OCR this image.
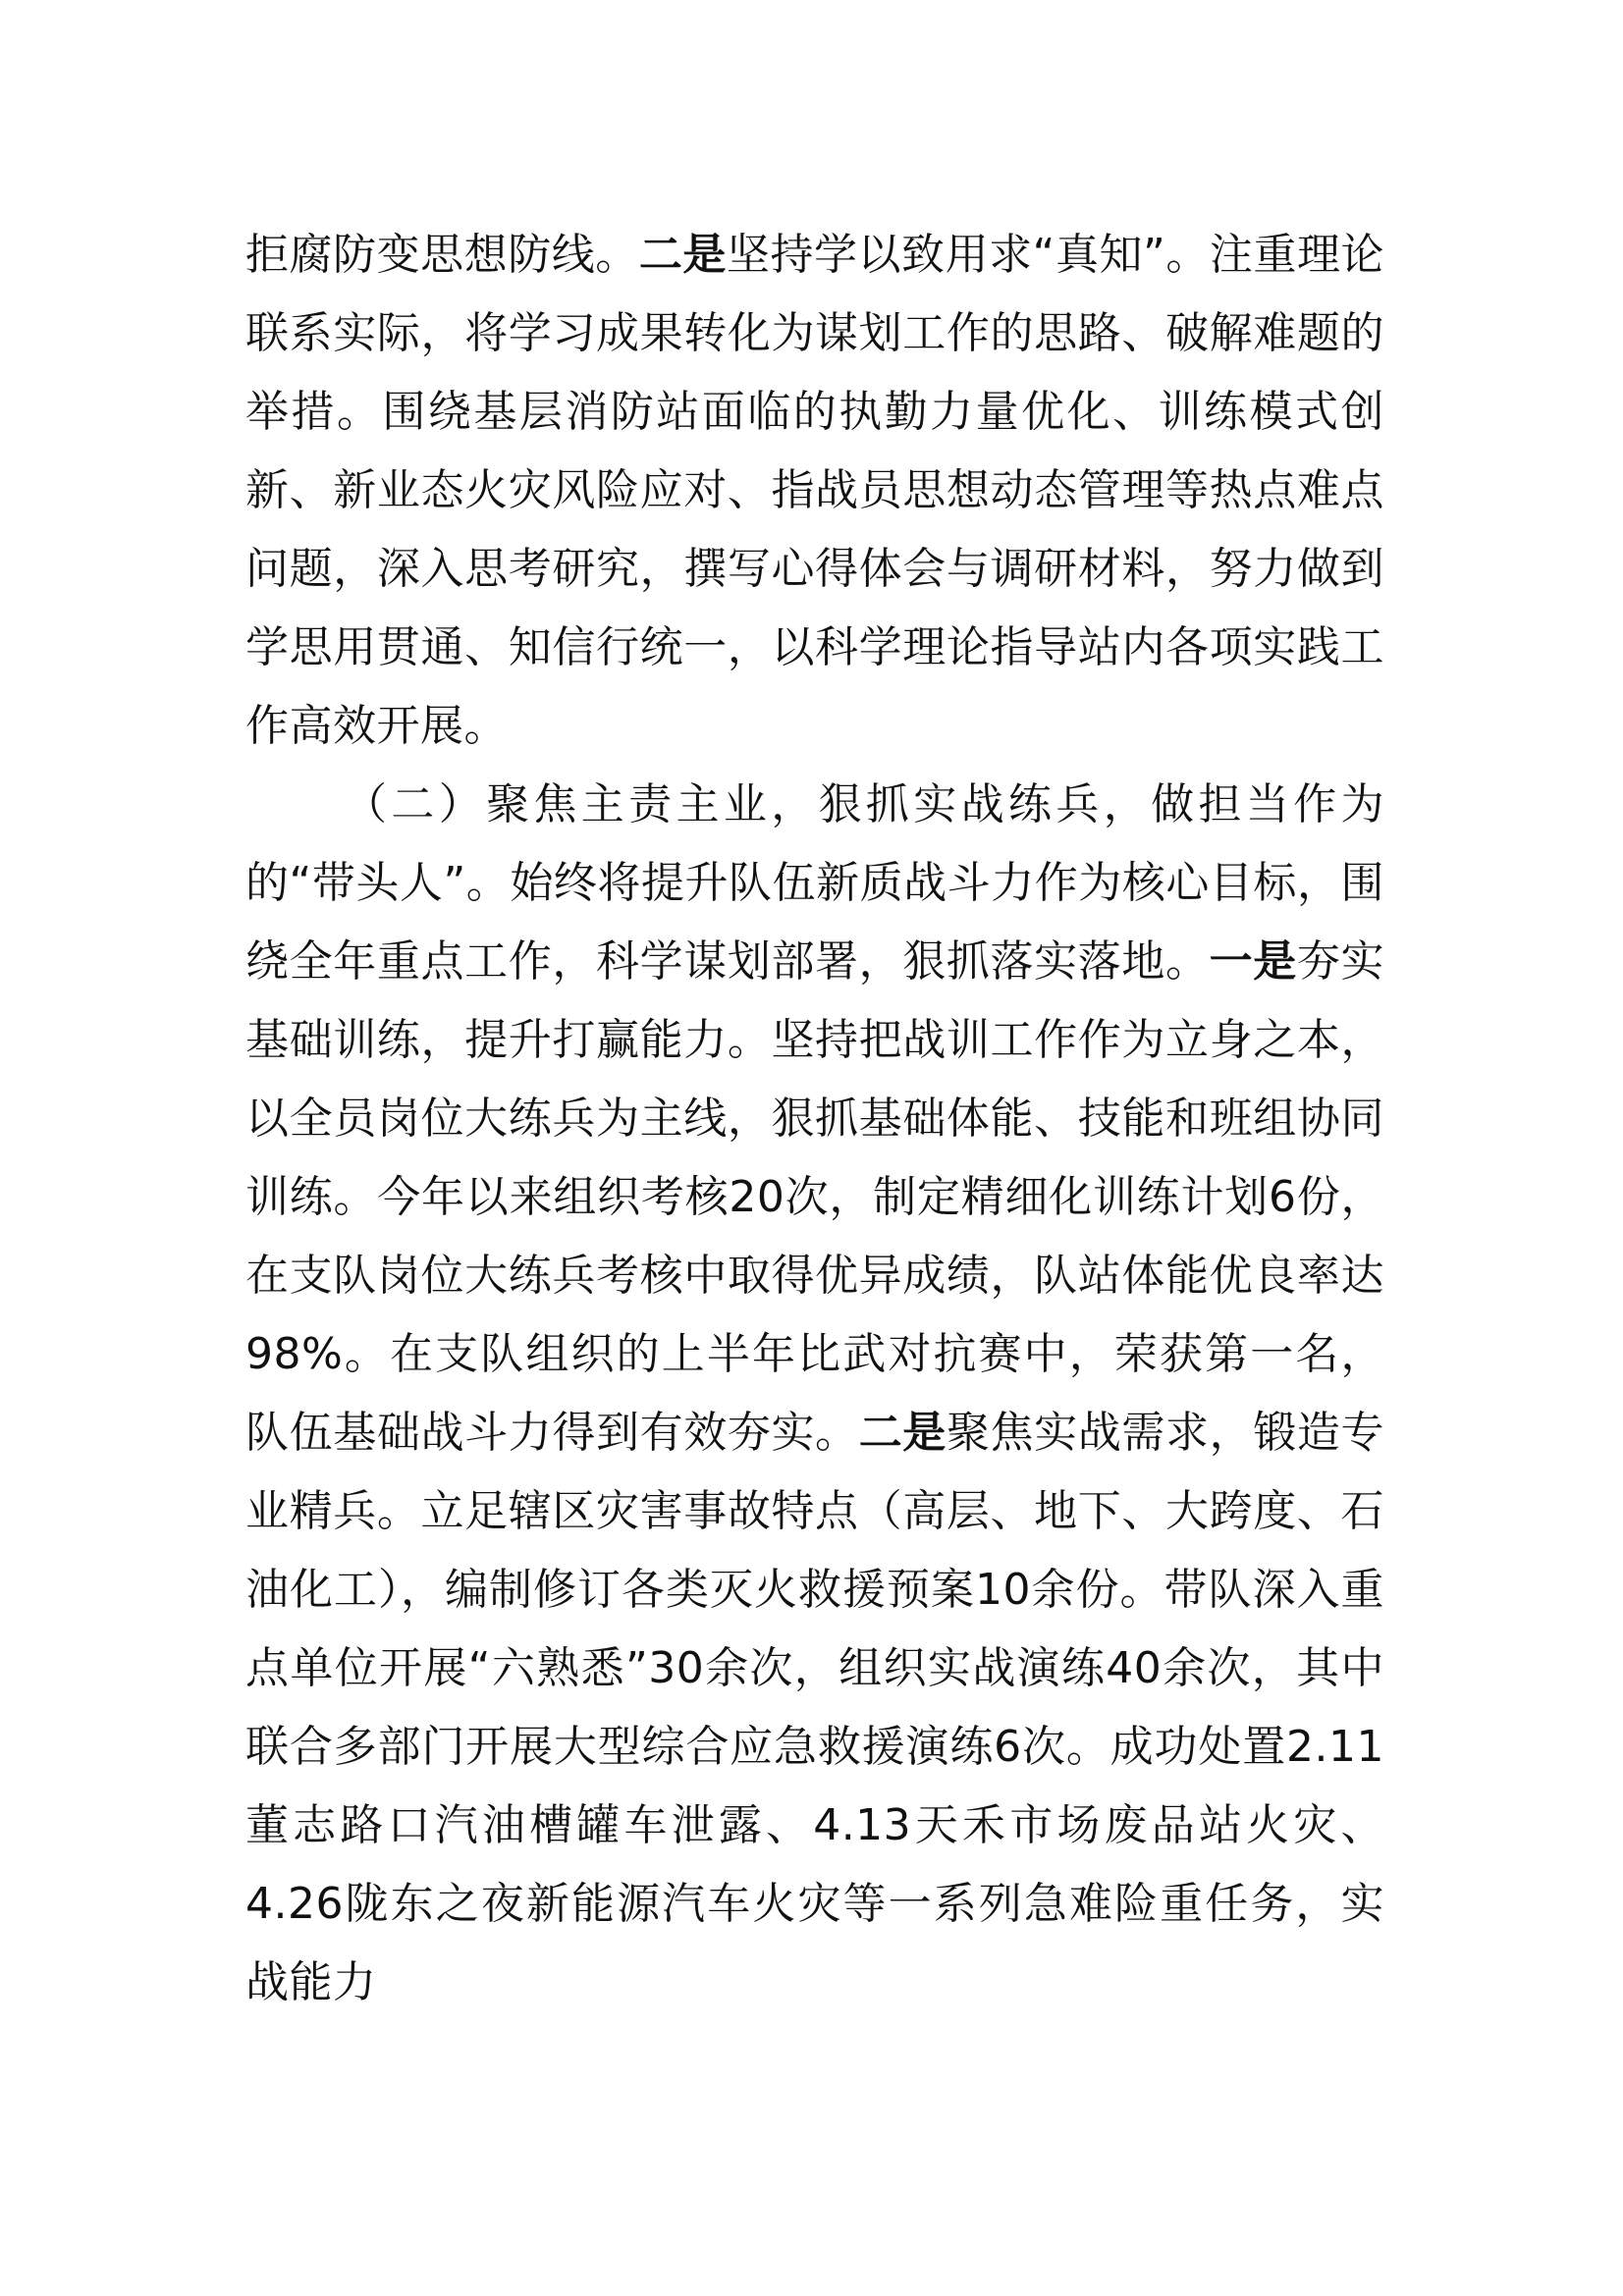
拒腐防变思想防线。二是坚持学以致用求“真知”。注重理论联系实际，将学习成果转化为谋划工作的思路、破解难题的举措。围绕基层消防站面临的执勤力量优化、训练模式创新、新业态火灾风险应对、指战员思想动态管理等热点难点问题，深入思考研究，撰写心得体会与调研材料，努力做到学思用贯通、知信行统一，以科学理论指导站内各项实践工作高效开展。

（二）聚焦主责主业，狠抓实战练兵，做担当作为的“带头人”。始终将提升队伍新质战斗力作为核心目标，围绕全年重点工作，科学谋划部署，狠抓落实落地。一是夯实基础训练，提升打赢能力。坚持把战训工作作为立身之本，以全员岗位大练兵为主线，狠抓基础体能、技能和班组协同训练。今年以来组织考核20次，制定精细化训练计划6份，在支队岗位大练兵考核中取得优异成绩，队站体能优良率达98%。在支队组织的上半年比武对抗赛中，荣获第一名，队伍基础战斗力得到有效夯实。二是聚焦实战需求，锻造专业精兵。立足辖区灾害事故特点（高层、地下、大跨度、石油化工），编制修订各类灭火救援预案10余份。带队深入重点单位开展“六熟悉”30余次，组织实战演练40余次，其中联合多部门开展大型综合应急救援演练6次。成功处置2.11董志路口汽油槽罐车泄露、4.13天禾市场废品站火灾、4.26陇东之夜新能源汽车火灾等一系列急难险重任务，实战能力
